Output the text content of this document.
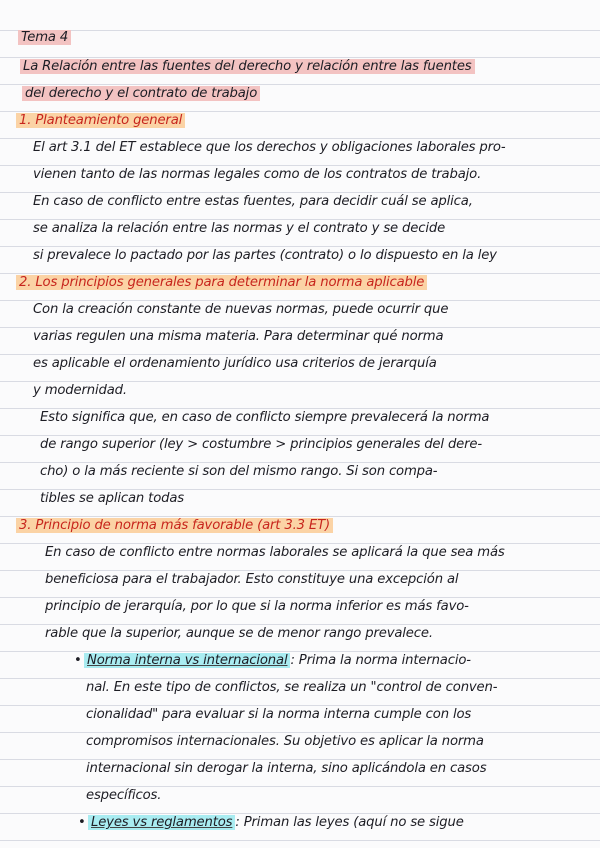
Tema 4
La Relación entre las fuentes del derecho y relación entre las fuentes
del derecho y el contrato de trabajo
1. Planteamiento general
El art 3.1 del ET establece que los derechos y obligaciones laborales pro-
vienen tanto de las normas legales como de los contratos de trabajo.
En caso de conflicto entre estas fuentes, para decidir cuál se aplica,
se analiza la relación entre las normas y el contrato y se decide
si prevalece lo pactado por las partes (contrato) o lo dispuesto en la ley
2. Los principios generales para determinar la norma aplicable
Con la creación constante de nuevas normas, puede ocurrir que
varias regulen una misma materia. Para determinar qué norma
es aplicable el ordenamiento jurídico usa criterios de jerarquía
y modernidad.
Esto significa que, en caso de conflicto siempre prevalecerá la norma
de rango superior (ley > costumbre > principios generales del dere-
cho) o la más reciente si son del mismo rango. Si son compa-
tibles se aplican todas
3. Principio de norma más favorable (art 3.3 ET)
En caso de conflicto entre normas laborales se aplicará la que sea más
beneficiosa para el trabajador. Esto constituye una excepción al
principio de jerarquía, por lo que si la norma inferior es más favo-
rable que la superior, aunque se de menor rango prevalece.
• Norma interna vs internacional : Prima la norma internacio-
nal. En este tipo de conflictos, se realiza un "control de conven-
cionalidad" para evaluar si la norma interna cumple con los
compromisos internacionales. Su objetivo es aplicar la norma
internacional sin derogar la interna, sino aplicándola en casos
específicos.
• Leyes vs reglamentos : Priman las leyes (aquí no se sigue
